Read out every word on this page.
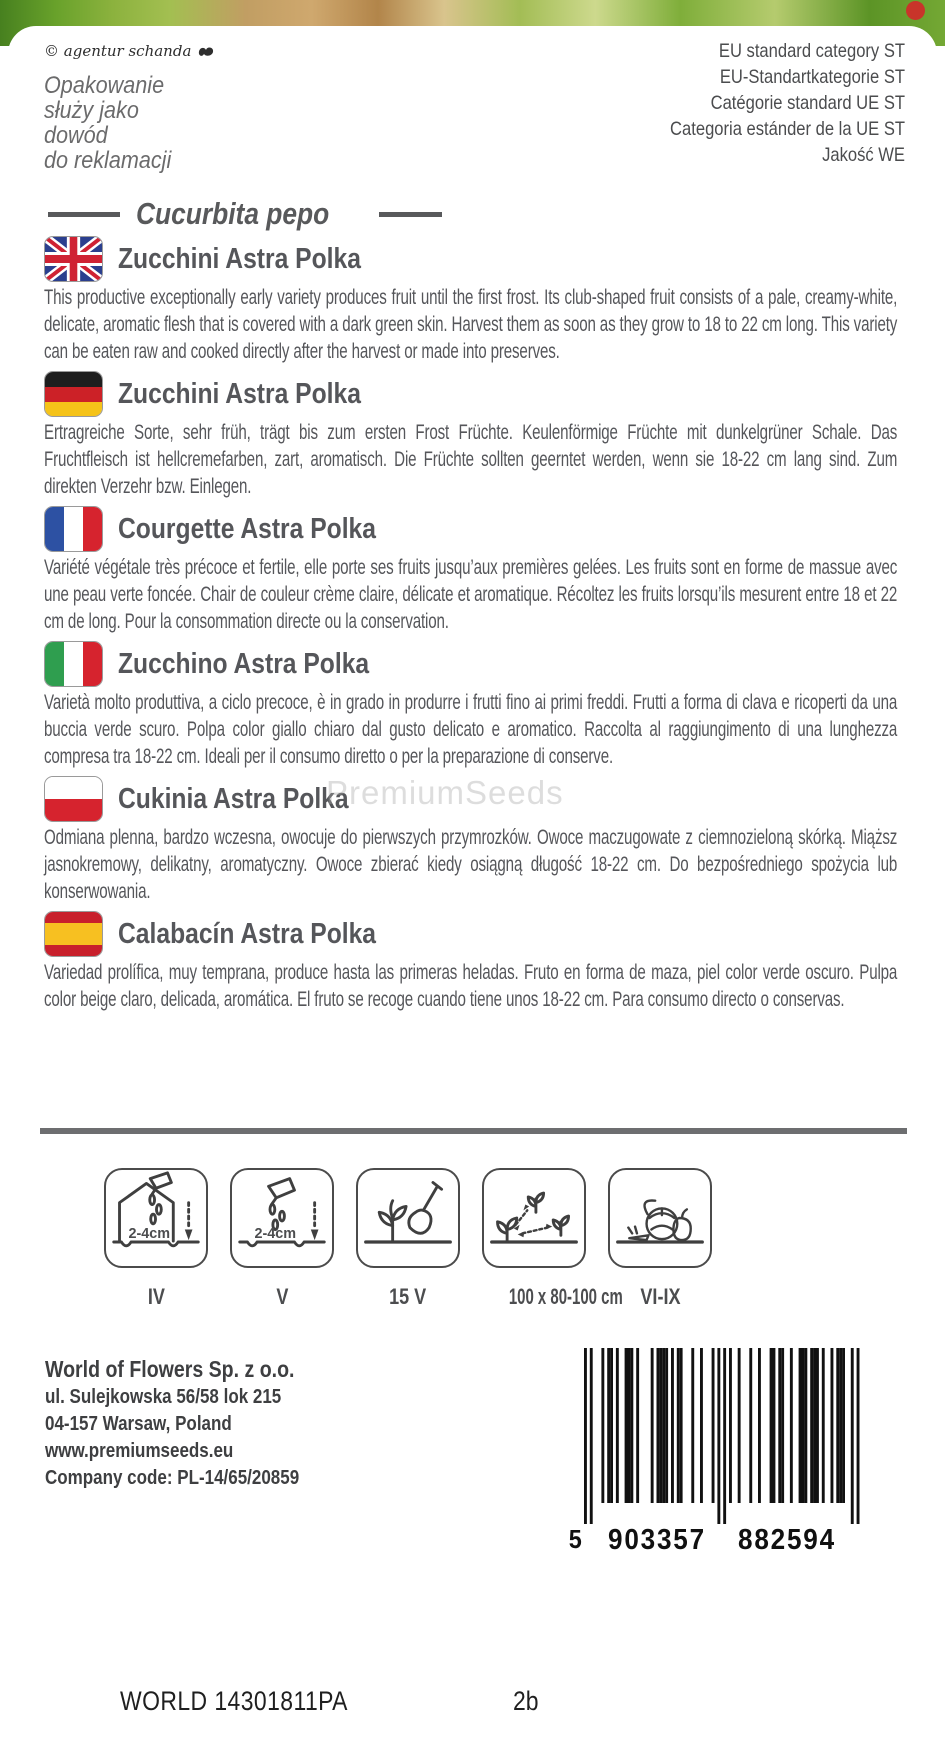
© agentur schanda
Opakowanie
służy jako
dowód
do reklamacji
EU standard category ST
EU-Standartkategorie ST
Catégorie standard UE ST
Categoria estánder de la UE ST
Jakość WE
Cucurbita pepo
Zucchini Astra Polka

This productive exceptionally early variety produces fruit until the first frost. Its club-shaped fruit consists of a pale, creamy-white, delicate, aromatic flesh that is covered with a dark green skin. Harvest them as soon as they grow to 18 to 22 cm long. This variety can be eaten raw and cooked directly after the harvest or made into preserves.

Zucchini Astra Polka

Ertragreiche Sorte, sehr früh, trägt bis zum ersten Frost Früchte. Keulenförmige Früchte mit dunkelgrüner Schale. Das Fruchtfleisch ist hellcremefarben, zart, aromatisch. Die Früchte sollten geerntet werden, wenn sie 18-22 cm lang sind. Zum direkten Verzehr bzw. Einlegen.

Courgette Astra Polka

Variété végétale très précoce et fertile, elle porte ses fruits jusqu’aux premières gelées. Les fruits sont en forme de massue avec une peau verte foncée. Chair de couleur crème claire, délicate et aromatique. Récoltez les fruits lorsqu’ils mesurent entre 18 et 22 cm de long. Pour la consommation directe ou la conservation.

Zucchino Astra Polka

Varietà molto produttiva, a ciclo precoce, è in grado in produrre i frutti fino ai primi freddi. Frutti a forma di clava e ricoperti da una buccia verde scuro. Polpa color giallo chiaro dal gusto delicato e aromatico. Raccolta al raggiungimento di una lunghezza compresa tra 18-22 cm. Ideali per il consumo diretto o per la preparazione di conserve.

Cukinia Astra Polka

Odmiana plenna, bardzo wczesna, owocuje do pierwszych przymrozków. Owoce maczugowate z ciemnozieloną skórką. Miąższ jasnokremowy, delikatny, aromatyczny. Owoce zbierać kiedy osiągną długość 18-22 cm. Do bezpośredniego spożycia lub konserwowania.

Calabacín Astra Polka

Variedad prolífica, muy temprana, produce hasta las primeras heladas. Fruto en forma de maza, piel color verde oscuro. Pulpa color beige claro, delicada, aromática. El fruto se recoge cuando tiene unos 18-22 cm. Para consumo directo o conservas.

PremiumSeeds
2-4cm
IV
2-4cm
V	15 V	100 x 80-100 cm VI-IX
World of Flowers Sp. z o.o.
ul. Sulejkowska 56/58 lok 215
04-157 Warsaw, Poland
www.premiumseeds.eu
Company code: PL-14/65/20859
5 903357 882594
WORLD 14301811PA	2b
